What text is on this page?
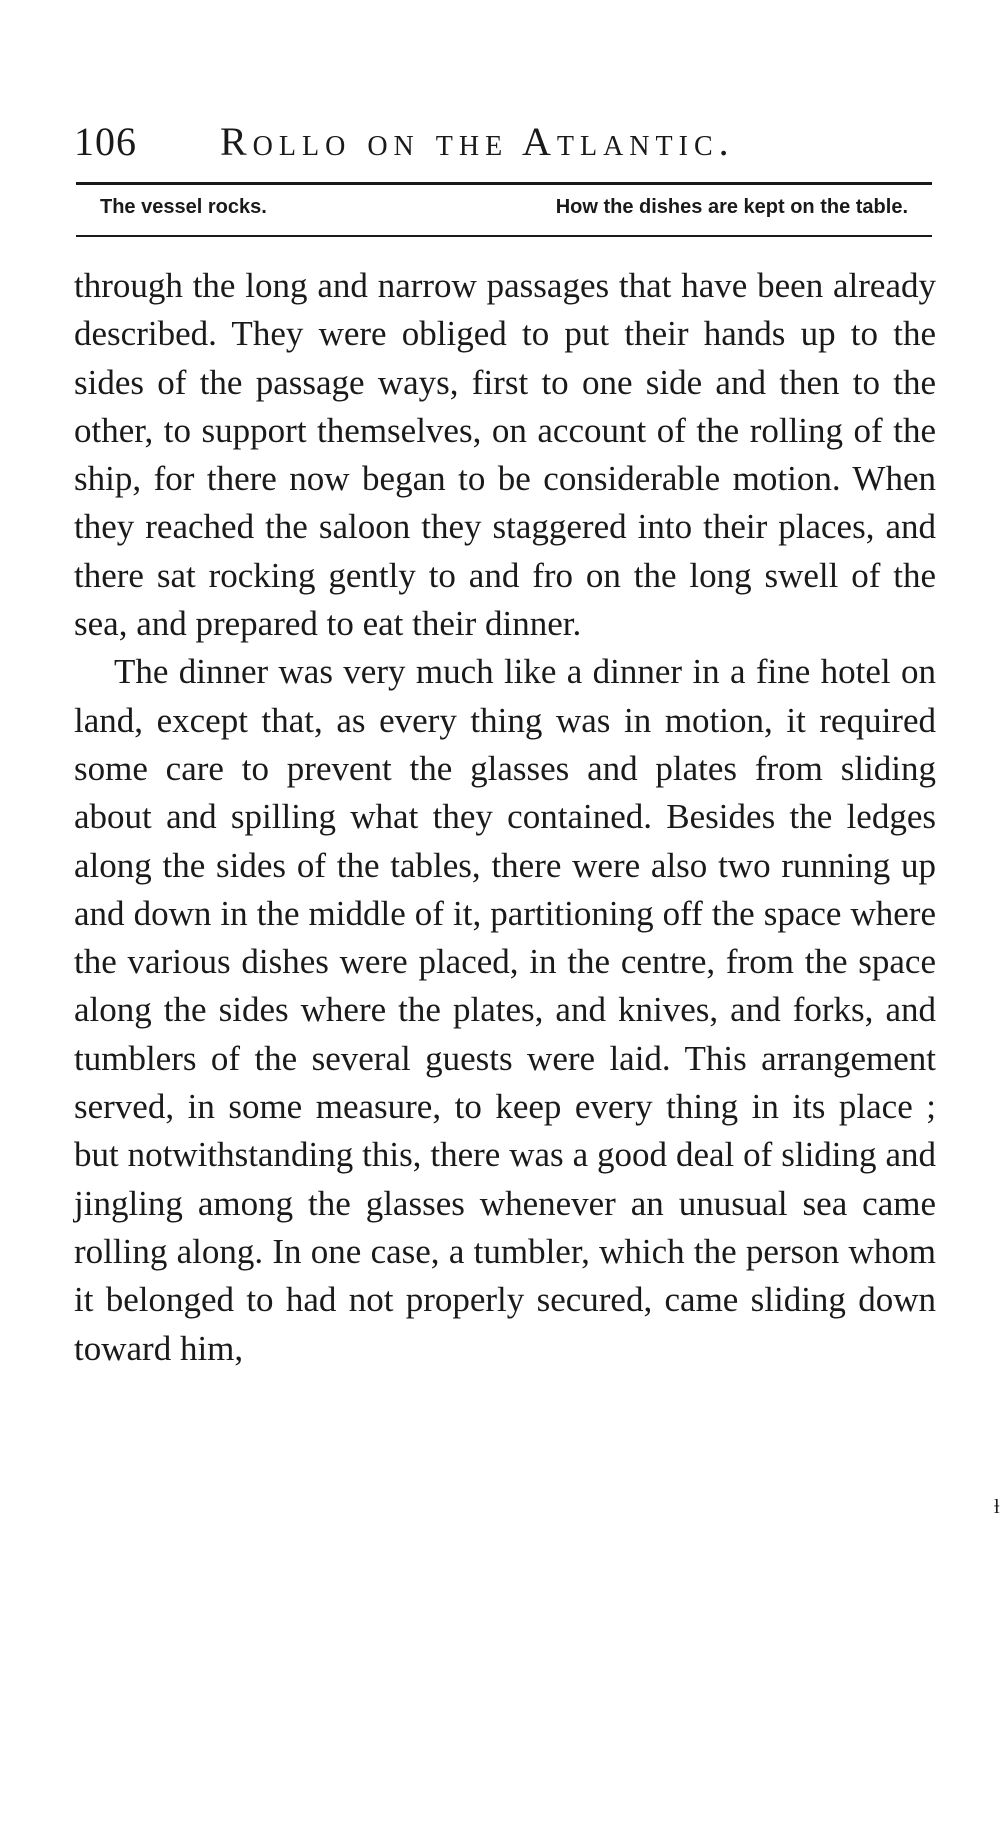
106 Rollo on the Atlantic.
The vessel rocks.	How the dishes are kept on the table.

through the long and narrow passages that have been already described. They were obliged to put their hands up to the sides of the passage ways, first to one side and then to the other, to support themselves, on account of the rolling of the ship, for there now began to be considerable motion. When they reached the saloon they staggered into their places, and there sat rocking gently to and fro on the long swell of the sea, and prepared to eat their dinner.

The dinner was very much like a dinner in a fine hotel on land, except that, as every thing was in motion, it required some care to prevent the glasses and plates from sliding about and spilling what they contained. Besides the ledges along the sides of the tables, there were also two running up and down in the middle of it, partitioning off the space where the various dishes were placed, in the centre, from the space along the sides where the plates, and knives, and forks, and tumblers of the several guests were laid. This arrangement served, in some measure, to keep every thing in its place ; but notwithstanding this, there was a good deal of sliding and jingling among the glasses whenever an unusual sea came rolling along. In one case, a tumbler, which the person whom it belonged to had not properly secured, came sliding down toward him,

ƚ
